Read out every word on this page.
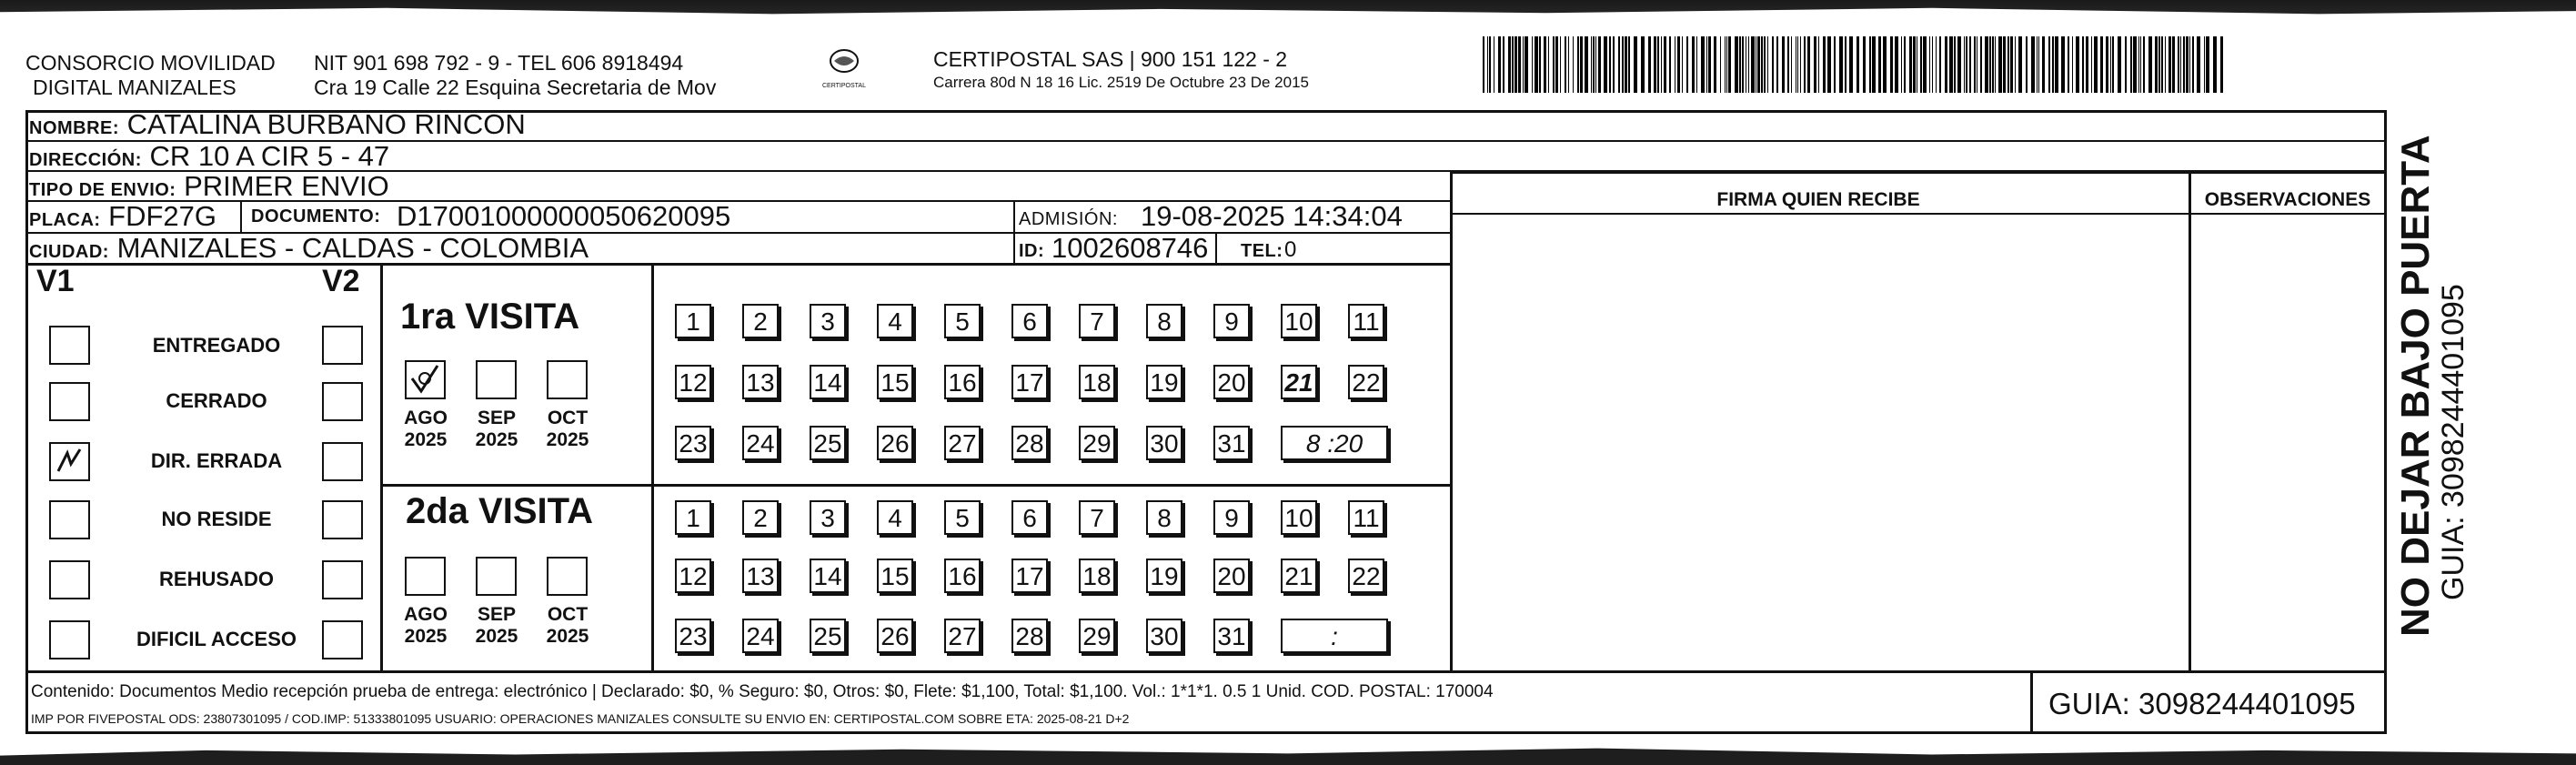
CONSORCIO MOVILIDAD
DIGITAL MANIZALES
NIT 901 698 792 - 9 - TEL 606 8918494
Cra 19 Calle 22 Esquina Secretaria de Mov	CERTIPOSTAL
CERTIPOSTAL SAS | 900 151 122 - 2
Carrera 80d N 18 16 Lic. 2519 De Octubre 23 De 2015
NOMBRE: CATALINA BURBANO RINCON
DIRECCIÓN: CR 10 A CIR 5 - 47
TIPO DE ENVIO: PRIMER ENVIO	FIRMA QUIEN RECIBE	OBSERVACIONES
PLACA: FDF27G DOCUMENTO: D17001000000050620095	ADMISIÓN: 19-08-2025 14:34:04
CIUDAD: MANIZALES - CALDAS - COLOMBIA	ID: 1002608746 TEL: 0
V1	V2
ENTREGADO
CERRADO
DIR. ERRADA
NO RESIDE
REHUSADO
DIFICIL ACCESO
1ra VISITA
2da VISITA
AGO
2025
SEP
2025
OCT
2025
AGO
2025
SEP
2025
OCT
2025
1	2	3	4	5	6	7	8	9	10 11
12 13 14 15 16 17 18 19 20 21 22
23 24 25 26 27 28 29 30 31	8 :20
1	2	3	4	5	6	7	8	9	10 11
12 13 14 15 16 17 18 19 20 21 22
23 24 25 26 27 28 29 30 31	:
Contenido: Documentos Medio recepción prueba de entrega: electrónico | Declarado: $0, % Seguro: $0, Otros: $0, Flete: $1,100, Total: $1,100. Vol.: 1*1*1. 0.5 1 Unid. COD. POSTAL: 170004
IMP POR FIVEPOSTAL ODS: 23807301095 / COD.IMP: 51333801095 USUARIO: OPERACIONES MANIZALES CONSULTE SU ENVIO EN: CERTIPOSTAL.COM SOBRE ETA: 2025-08-21 D+2	GUIA: 3098244401095
NO DEJAR BAJO PUERTA
GUIA: 3098244401095
